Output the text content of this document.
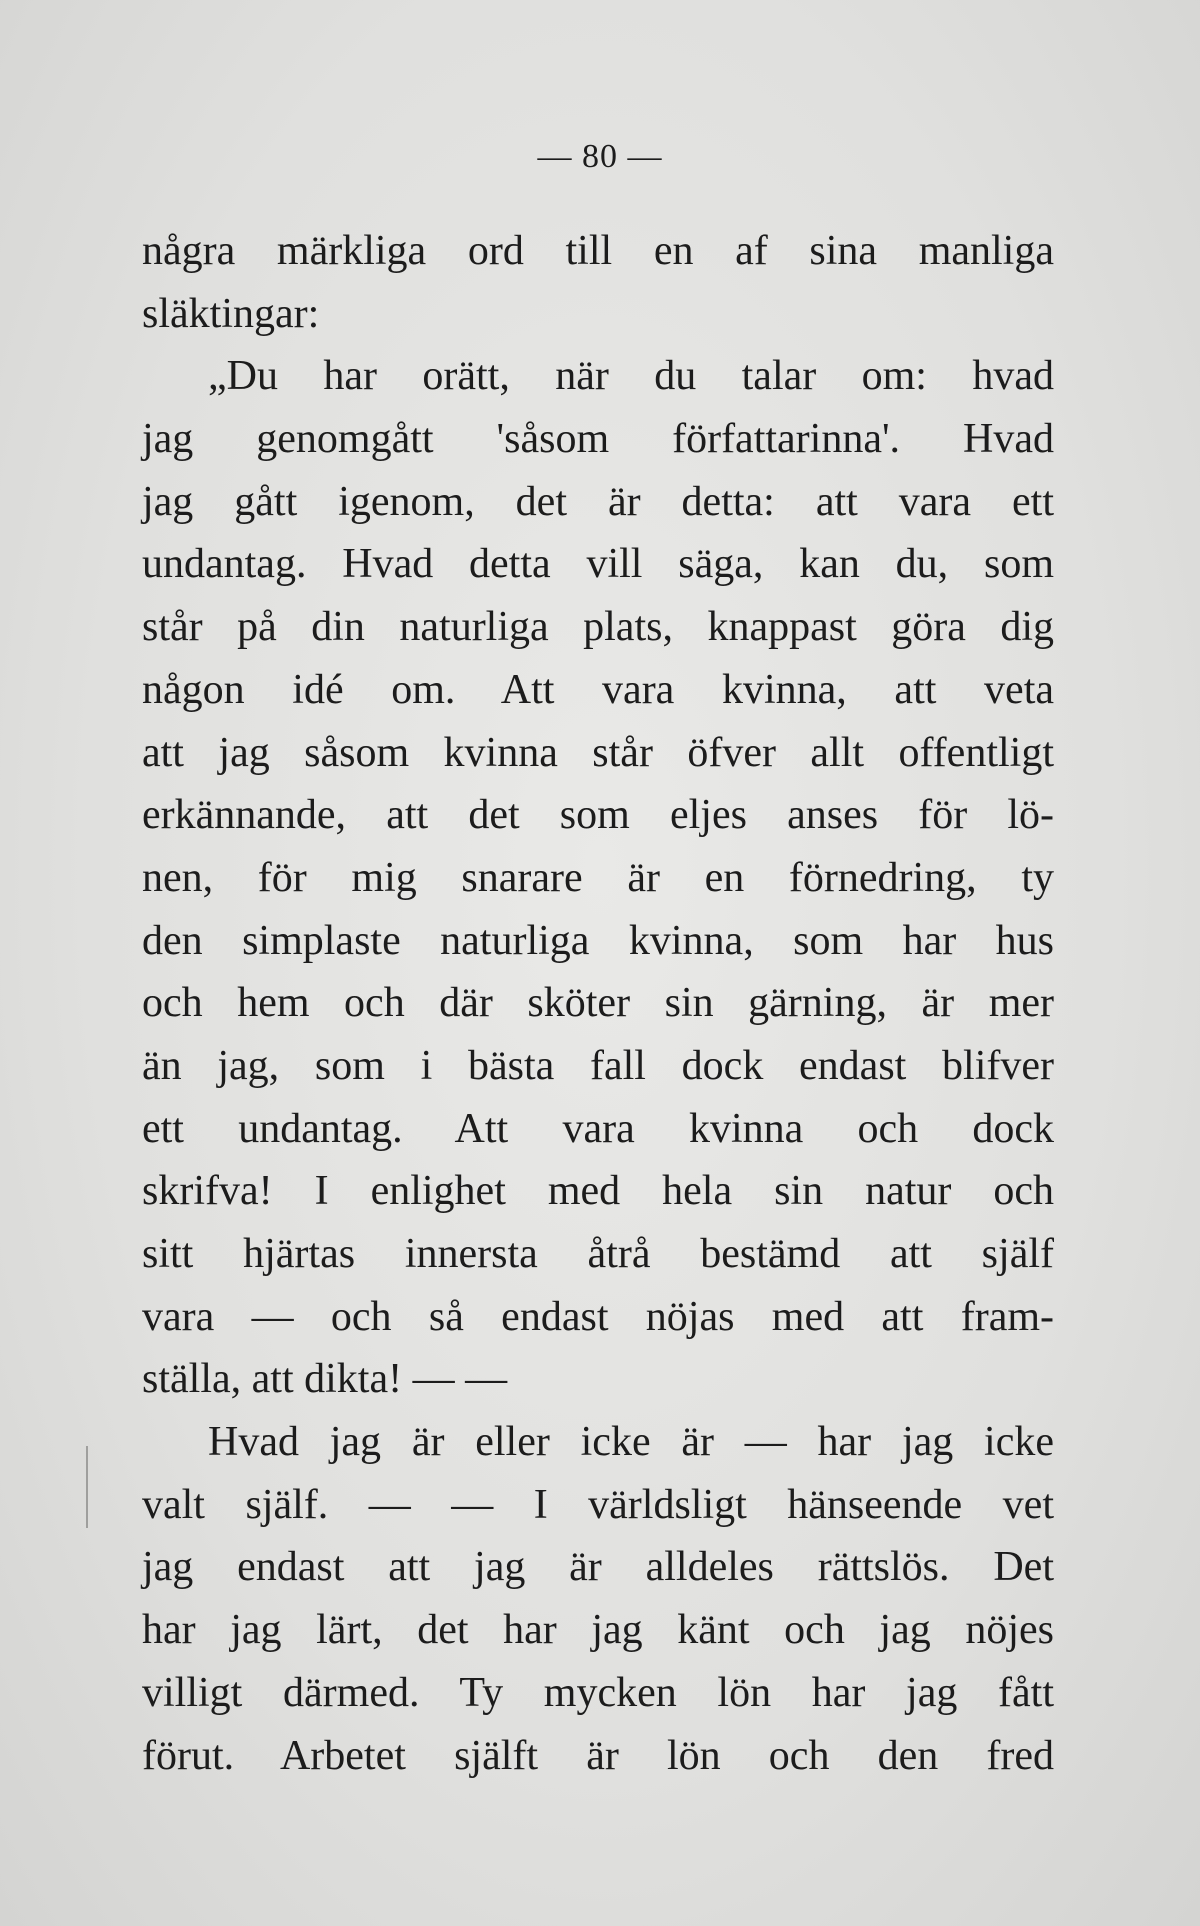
— 80 —
några märkliga ord till en af sina manliga
släktingar:
„Du har orätt, när du talar om: hvad
jag genomgått 'såsom författarinna'. Hvad
jag gått igenom, det är detta: att vara ett
undantag. Hvad detta vill säga, kan du, som
står på din naturliga plats, knappast göra dig
någon idé om. Att vara kvinna, att veta
att jag såsom kvinna står öfver allt offentligt
erkännande, att det som eljes anses för lö-
nen, för mig snarare är en förnedring, ty
den simplaste naturliga kvinna, som har hus
och hem och där sköter sin gärning, är mer
än jag, som i bästa fall dock endast blifver
ett undantag. Att vara kvinna och dock
skrifva! I enlighet med hela sin natur och
sitt hjärtas innersta åtrå bestämd att själf
vara — och så endast nöjas med att fram-
ställa, att dikta! — —
Hvad jag är eller icke är — har jag icke
valt själf. — — I världsligt hänseende vet
jag endast att jag är alldeles rättslös. Det
har jag lärt, det har jag känt och jag nöjes
villigt därmed. Ty mycken lön har jag fått
förut. Arbetet själft är lön och den fred
